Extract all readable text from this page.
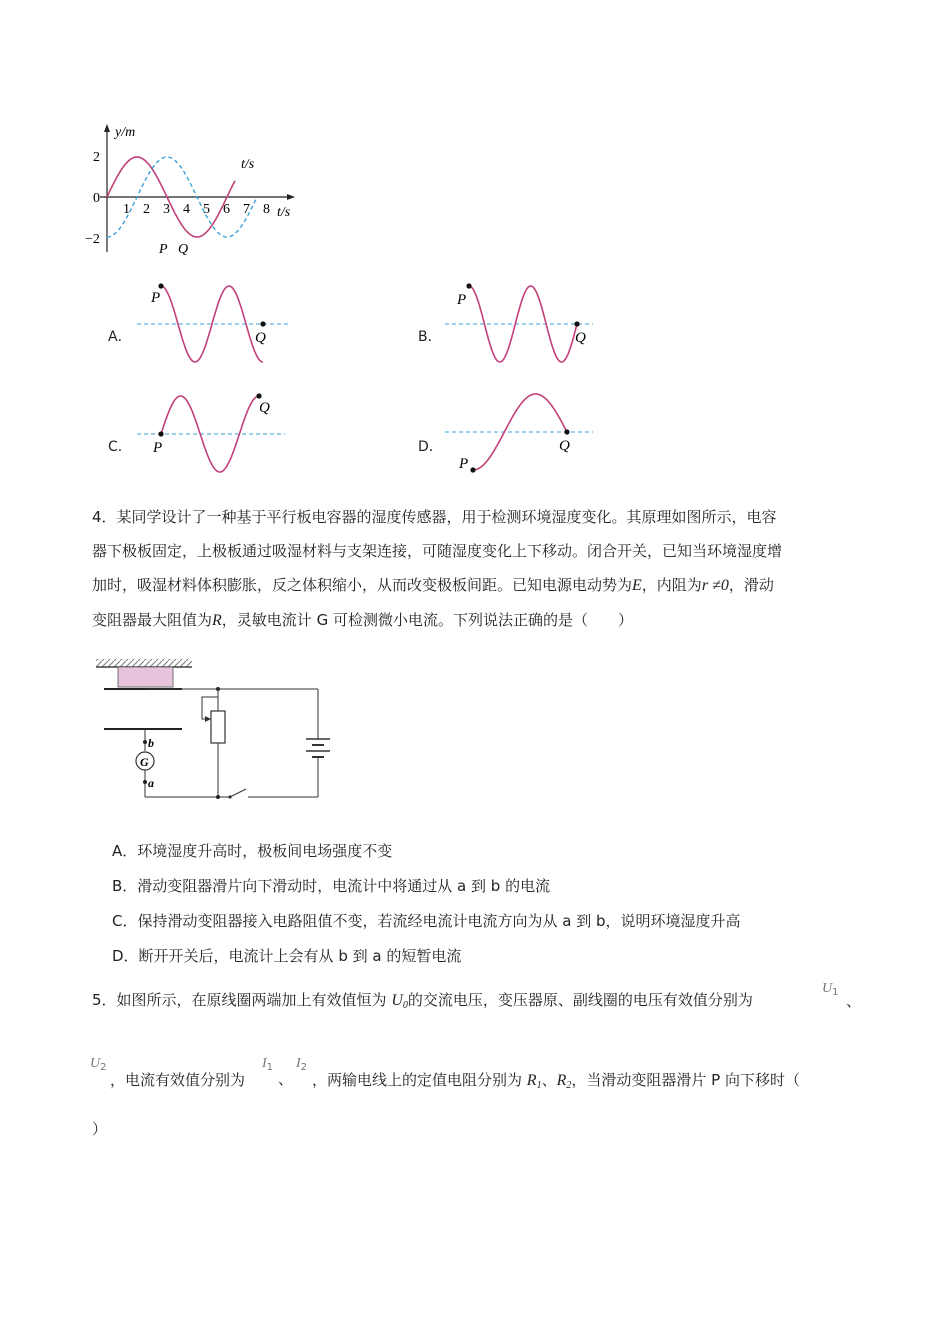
y/m
t/s
t/s
2
0
−2
1 2 3 4 5 6 7 8
P Q
A．
P
Q	B．
P
Q
C． P
Q
D．
P
Q
4．某同学设计了一种基于平行板电容器的湿度传感器，用于检测环境湿度变化。其原理如图所示，电容
器下极板固定，上极板通过吸湿材料与支架连接，可随湿度变化上下移动。闭合开关，已知当环境湿度增
加时，吸湿材料体积膨胀，反之体积缩小，从而改变极板间距。已知电源电动势为E，内阻为r ≠0，滑动
变阻器最大阻值为R，灵敏电流计 G 可检测微小电流。下列说法正确的是（　　）
b
G
a
A．环境湿度升高时，极板间电场强度不变
B．滑动变阻器滑片向下滑动时，电流计中将通过从 a 到 b 的电流
C．保持滑动变阻器接入电路阻值不变，若流经电流计电流方向为从 a 到 b，说明环境湿度升高
D．断开开关后，电流计上会有从 b 到 a 的短暂电流
5．如图所示，在原线圈两端加上有效值恒为 $U_0$的交流电压，变压器原、副线圈的电压有效值分别为
$U_1$ 、
$U_2$
，电流有效值分别为
$I_1$
、
$I_2$
，两输电线上的定值电阻分别为 $R_1$、$R_2$，当滑动变阻器滑片 P 向下移时（
）
